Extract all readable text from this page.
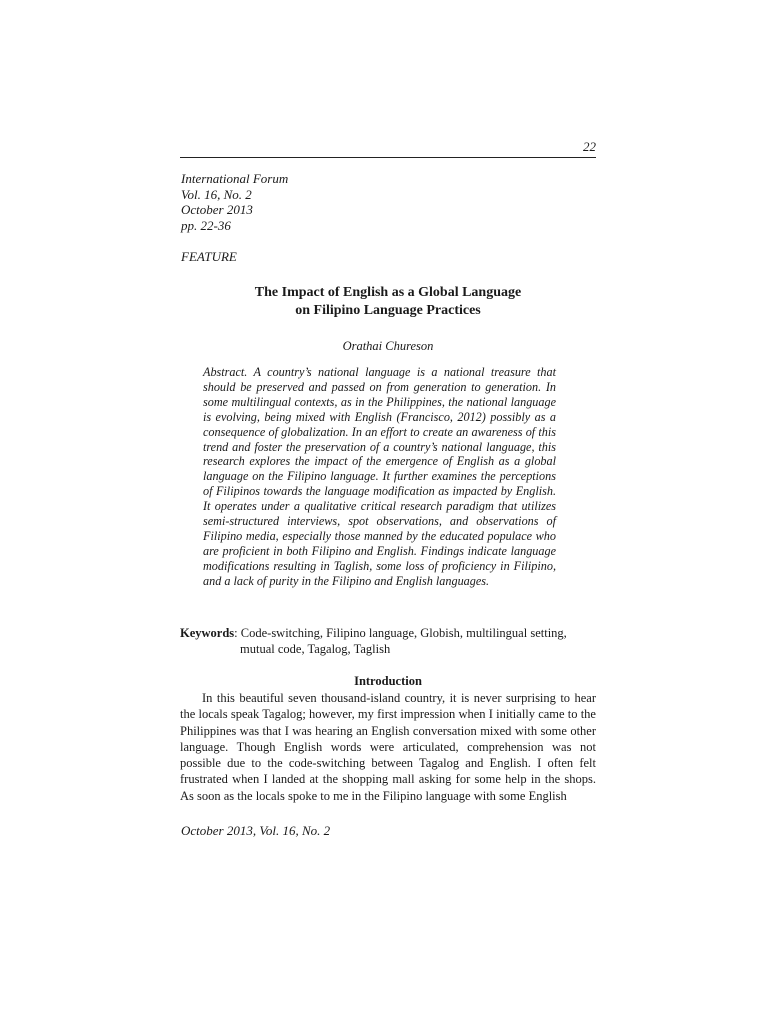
22
International Forum
Vol. 16, No. 2
October 2013
pp. 22-36
FEATURE
The Impact of English as a Global Language
on Filipino Language Practices
Orathai Chureson
Abstract. A country’s national language is a national treasure that should be preserved and passed on from generation to generation. In some multilingual contexts, as in the Philippines, the national language is evolving, being mixed with English (Francisco, 2012) possibly as a consequence of globalization. In an effort to create an awareness of this trend and foster the preservation of a country’s national language, this research explores the impact of the emergence of English as a global language on the Filipino language. It further examines the perceptions of Filipinos towards the language modification as impacted by English. It operates under a qualitative critical research paradigm that utilizes semi-structured interviews, spot observations, and observations of Filipino media, especially those manned by the educated populace who are proficient in both Filipino and English. Findings indicate language modifications resulting in Taglish, some loss of proficiency in Filipino, and a lack of purity in the Filipino and English languages.
Keywords: Code-switching, Filipino language, Globish, multilingual setting,
mutual code, Tagalog, Taglish
Introduction
In this beautiful seven thousand-island country, it is never surprising to hear the locals speak Tagalog; however, my first impression when I initially came to the Philippines was that I was hearing an English conversation mixed with some other language. Though English words were articulated, comprehension was not possible due to the code-switching between Tagalog and English. I often felt frustrated when I landed at the shopping mall asking for some help in the shops. As soon as the locals spoke to me in the Filipino language with some English
October 2013, Vol. 16, No. 2
